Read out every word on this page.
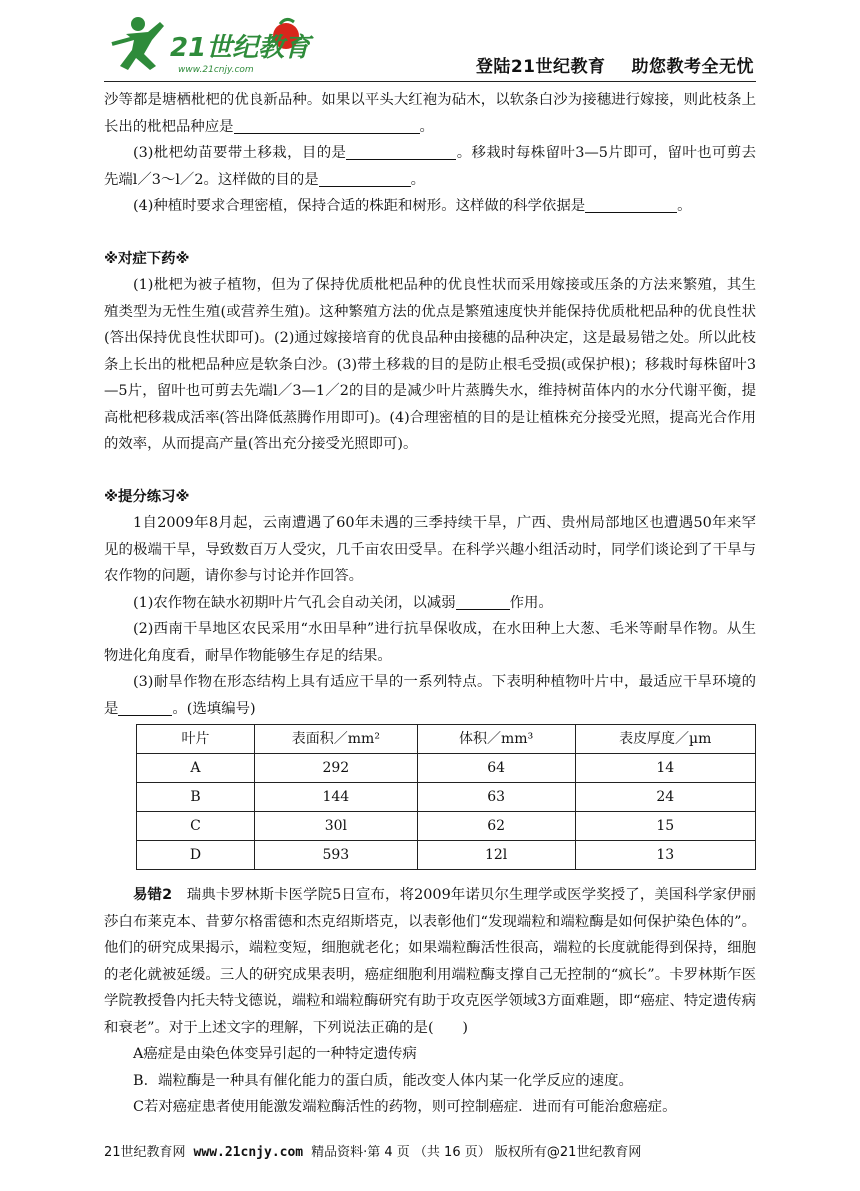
21世纪教育
www.21cnjy.com	登陆21世纪教育 助您教考全无忧

沙等都是塘栖枇杷的优良新品种。如果以平头大红袍为砧木，以软条白沙为接穗进行嫁接，则此枝条上长出的枇杷品种应是	。

(3)枇杷幼苗要带土移栽，目的是	。移栽时每株留叶3—5片即可，留叶也可剪去先端l／3～l／2。这样做的目的是	。

(4)种植时要求合理密植，保持合适的株距和树形。这样做的科学依据是	。

※对症下药※

(1)枇杷为被子植物，但为了保持优质枇杷品种的优良性状而采用嫁接或压条的方法来繁殖，其生殖类型为无性生殖(或营养生殖)。这种繁殖方法的优点是繁殖速度快并能保持优质枇杷品种的优良性状(答出保持优良性状即可)。(2)通过嫁接培育的优良品种由接穗的品种决定，这是最易错之处。所以此枝条上长出的枇杷品种应是软条白沙。(3)带土移栽的目的是防止根毛受损(或保护根)；移栽时每株留叶3—5片，留叶也可剪去先端l／3—1／2的目的是减少叶片蒸腾失水，维持树苗体内的水分代谢平衡，提高枇杷移栽成活率(答出降低蒸腾作用即可)。(4)合理密植的目的是让植株充分接受光照，提高光合作用的效率，从而提高产量(答出充分接受光照即可)。

※提分练习※

1自2009年8月起，云南遭遇了60年未遇的三季持续干旱，广西、贵州局部地区也遭遇50年来罕见的极端干旱，导致数百万人受灾，几千亩农田受旱。在科学兴趣小组活动时，同学们谈论到了干旱与农作物的问题，请你参与讨论并作回答。

(1)农作物在缺水初期叶片气孔会自动关闭，以减弱	作用。

(2)西南干旱地区农民采用“水田旱种”进行抗旱保收成，在水田种上大葱、毛米等耐旱作物。从生物进化角度看，耐旱作物能够生存足的结果。

(3)耐旱作物在形态结构上具有适应干旱的一系列特点。下表明种植物叶片中，最适应干旱环境的是	。(选填编号)

叶片	表面积／mm²	体积／mm³	表皮厚度／µm
A	292	64	14
B	144	63	24
C	30l	62	15
D	593	12l	13

易错2　 瑞典卡罗林斯卡医学院5日宣布，将2009年诺贝尔生理学或医学奖授了，美国科学家伊丽莎白布莱克本、昔萝尔格雷德和杰克绍斯塔克，以表彰他们“发现端粒和端粒酶是如何保护染色体的”。他们的研究成果揭示，端粒变短，细胞就老化；如果端粒酶活性很高，端粒的长度就能得到保持，细胞的老化就被延缓。三人的研究成果表明，癌症细胞利用端粒酶支撑自己无控制的“疯长”。卡罗林斯乍医学院教授鲁内托夫特戈德说，端粒和端粒酶研究有助于攻克医学领域3方面难题，即“癌症、特定遗传病和衰老”。对于上述文字的理解，下列说法正确的是(　　)

A癌症是由染色体变异引起的一种特定遗传病

B．端粒酶是一种具有催化能力的蛋白质，能改变人体内某一化学反应的速度。

C若对癌症患者使用能激发端粒酶活性的药物，则可控制癌症．进而有可能治愈癌症。

21世纪教育网 www.21cnjy.com 精品资料·第 4 页 （共 16 页） 版权所有@21世纪教育网
